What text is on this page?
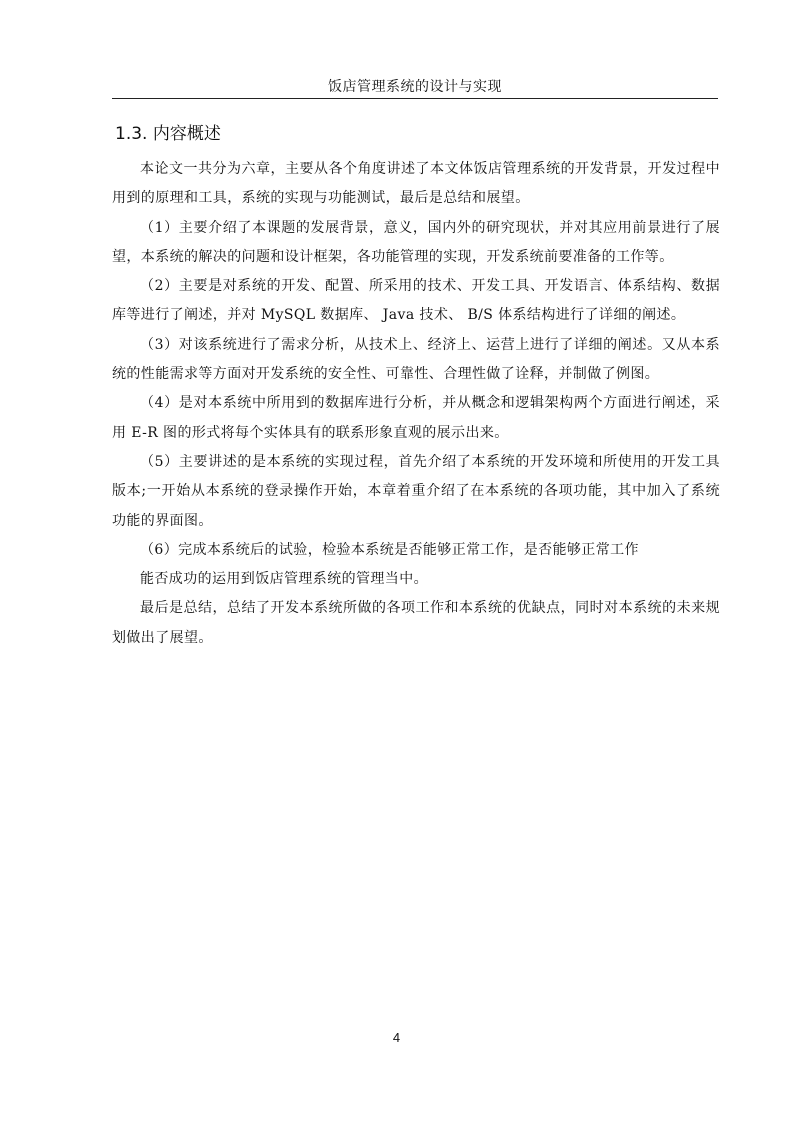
饭店管理系统的设计与实现
1.3. 内容概述

本论文一共分为六章，主要从各个角度讲述了本文体饭店管理系统的开发背景，开发过程中用到的原理和工具，系统的实现与功能测试，最后是总结和展望。

（1）主要介绍了本课题的发展背景，意义，国内外的研究现状，并对其应用前景进行了展望，本系统的解决的问题和设计框架，各功能管理的实现，开发系统前要准备的工作等。

（2）主要是对系统的开发、配置、所采用的技术、开发工具、开发语言、体系结构、数据库等进行了阐述，并对 MySQL 数据库、 Java 技术、 B/S 体系结构进行了详细的阐述。

（3）对该系统进行了需求分析，从技术上、经济上、运营上进行了详细的阐述。又从本系统的性能需求等方面对开发系统的安全性、可靠性、合理性做了诠释，并制做了例图。

（4）是对本系统中所用到的数据库进行分析，并从概念和逻辑架构两个方面进行阐述，采用 E-R 图的形式将每个实体具有的联系形象直观的展示出来。

（5）主要讲述的是本系统的实现过程，首先介绍了本系统的开发环境和所使用的开发工具版本;一开始从本系统的登录操作开始，本章着重介绍了在本系统的各项功能，其中加入了系统功能的界面图。

（6）完成本系统后的试验，检验本系统是否能够正常工作，是否能够正常工作

能否成功的运用到饭店管理系统的管理当中。

最后是总结，总结了开发本系统所做的各项工作和本系统的优缺点，同时对本系统的未来规划做出了展望。

4
